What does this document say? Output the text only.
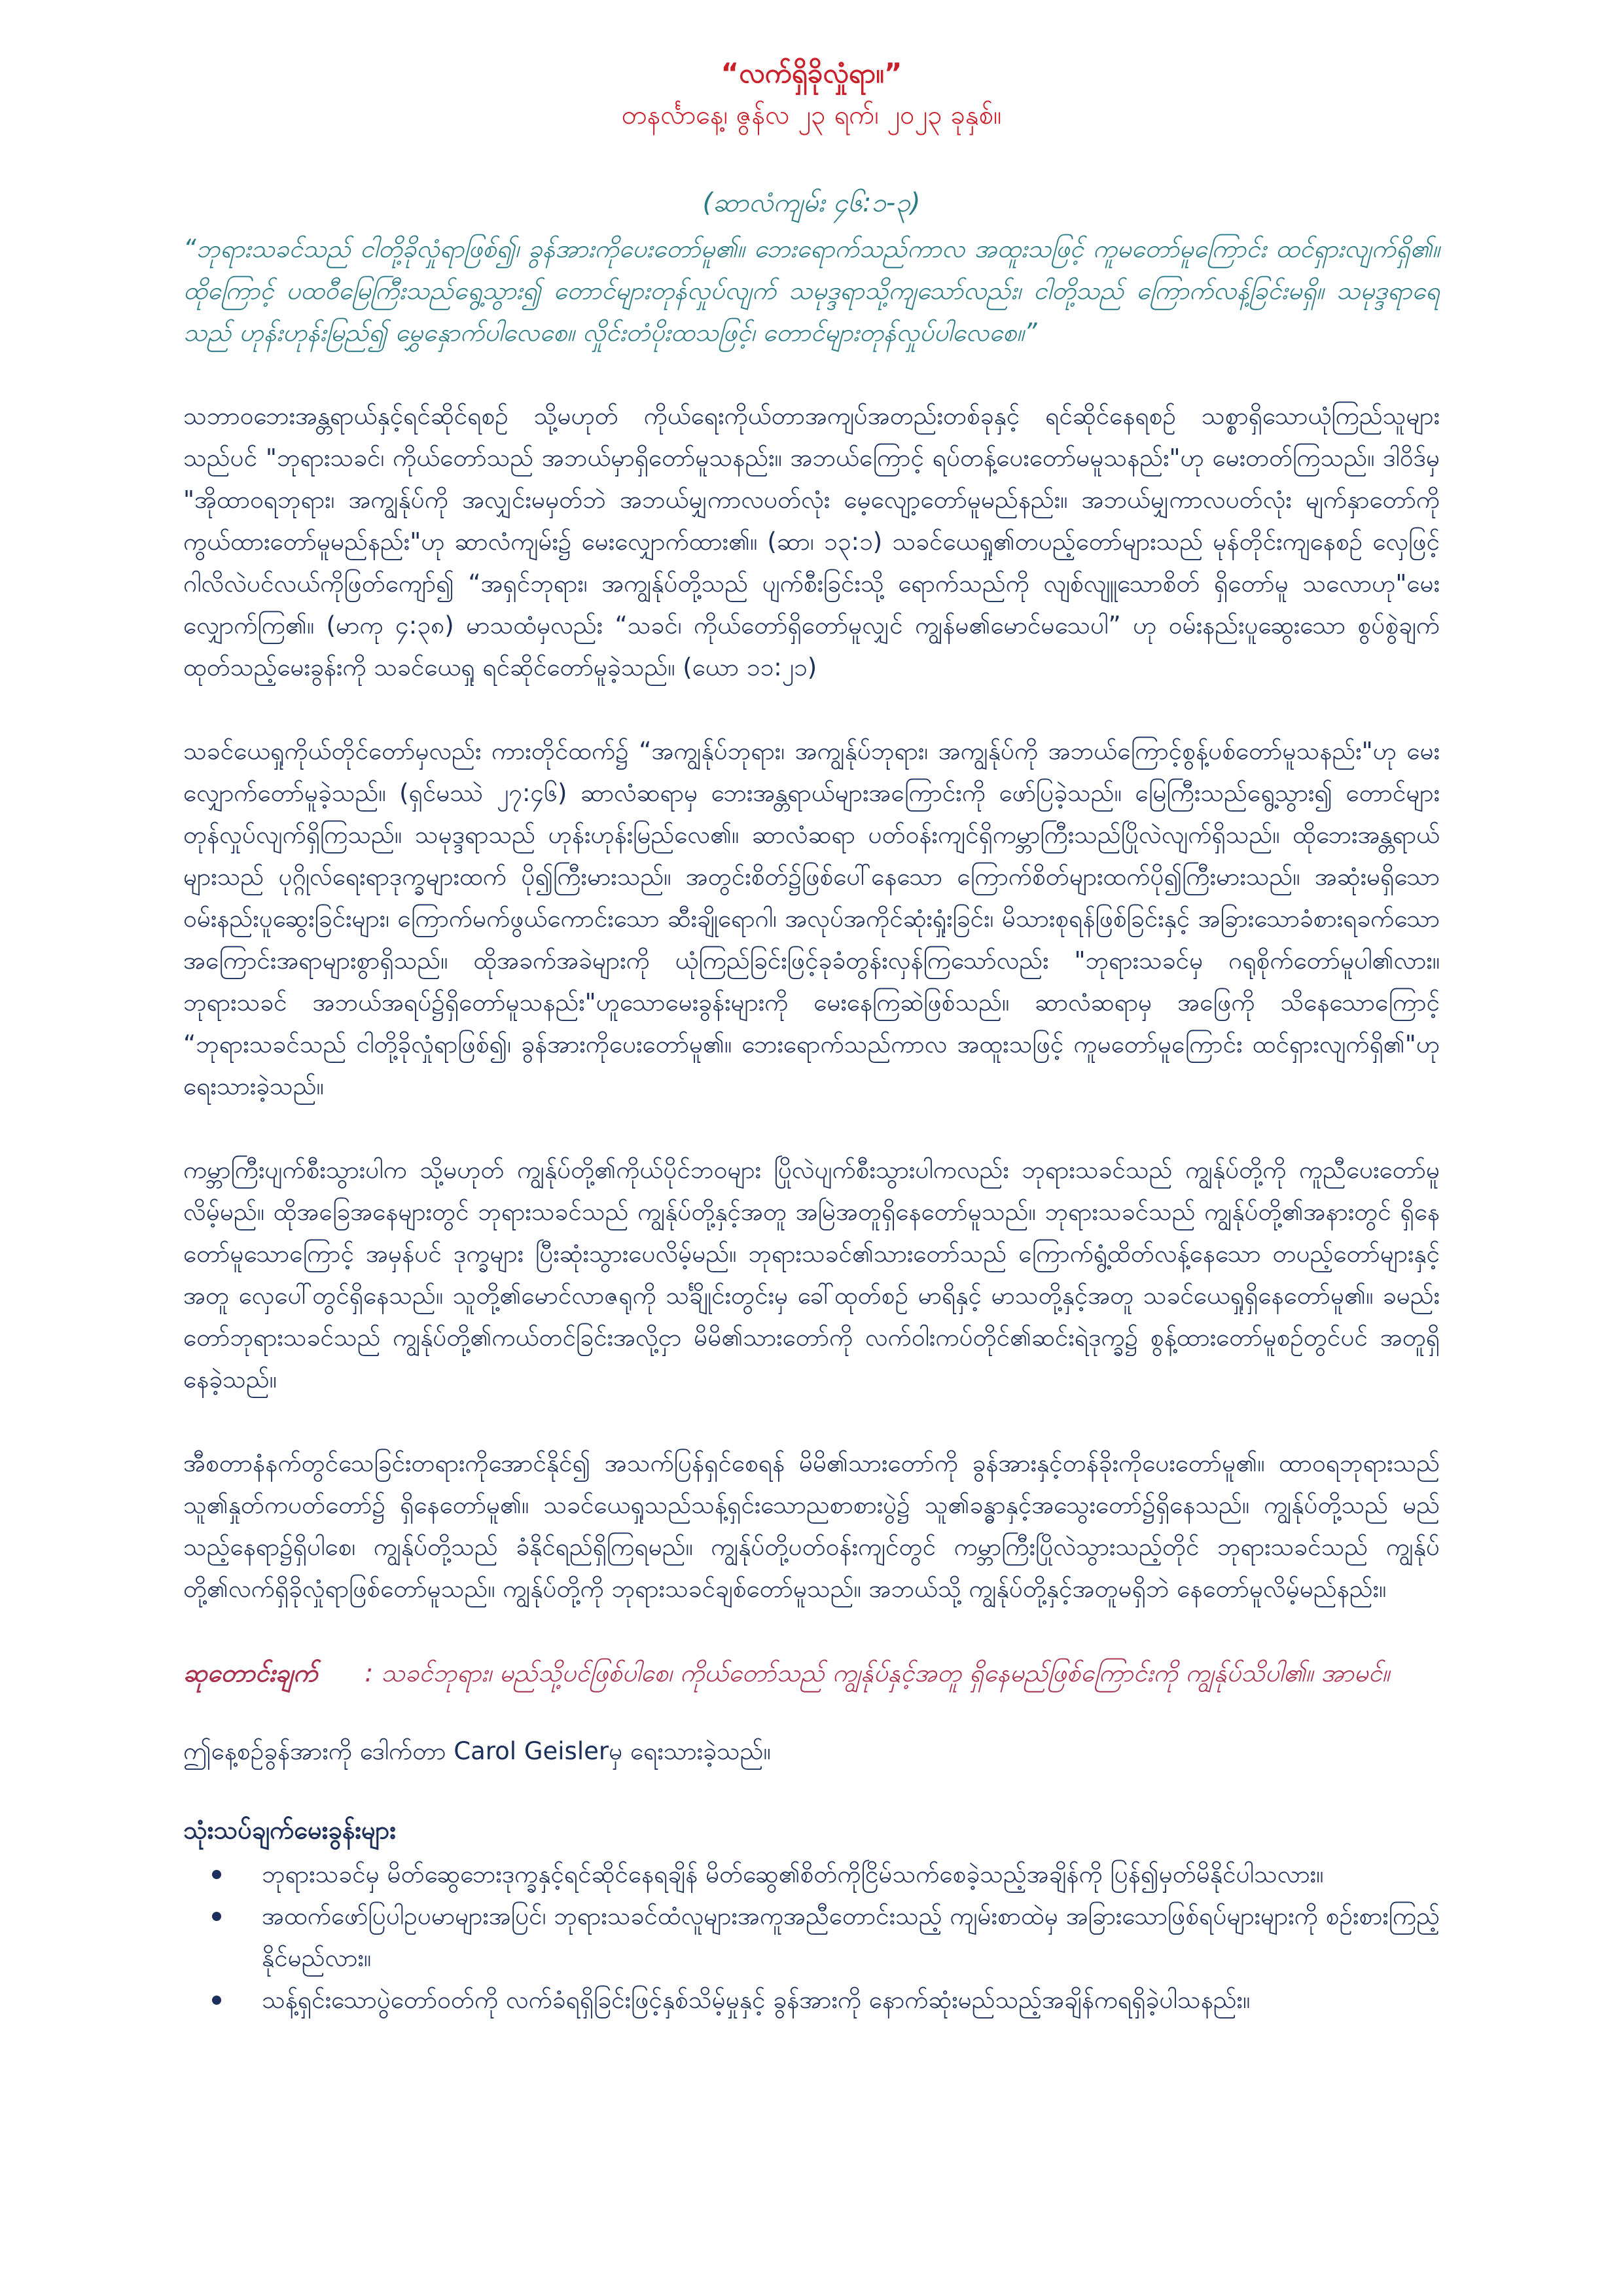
“လက်ရှိခိုလှုံရာ။”

တနင်္လာနေ့၊ ဇွန်လ ၂၃ ရက်၊ ၂၀၂၃ ခုနှစ်။

(ဆာလံကျမ်း ၄၆:၁-၃)

“ဘုရားသခင်သည် ငါတို့ခိုလှုံရာဖြစ်၍၊ ခွန်အားကိုပေးတော်မူ၏။ ဘေးရောက်သည်ကာလ အထူးသဖြင့် ကူမတော်မူကြောင်း ထင်ရှားလျက်ရှိ၏။ ထိုကြောင့် ပထဝီမြေကြီးသည်ရွေ့သွား၍ တောင်များတုန်လှုပ်လျက် သမုဒ္ဒရာသို့ကျသော်လည်း၊ ငါတို့သည် ကြောက်လန့်ခြင်းမရှိ။ သမုဒ္ဒရာရေသည် ဟုန်းဟုန်းမြည်၍ မွှေနှောက်ပါလေစေ။ လှိုင်းတံပိုးထသဖြင့်၊ တောင်များတုန်လှုပ်ပါလေစေ။”

သဘာဝဘေးအန္တရာယ်နှင့်ရင်ဆိုင်ရစဉ် သို့မဟုတ် ကိုယ်ရေးကိုယ်တာအကျပ်အတည်းတစ်ခုနှင့် ရင်ဆိုင်နေရစဉ် သစ္စာရှိသောယုံကြည်သူများသည်ပင် "ဘုရားသခင်၊ ကိုယ်တော်သည် အဘယ်မှာရှိတော်မူသနည်း။ အဘယ်ကြောင့် ရပ်တန့်ပေးတော်မမူသနည်း"ဟု မေးတတ်ကြသည်။ ဒါဝိဒ်မှ "အိုထာဝရဘုရား၊ အကျွန်ုပ်ကို အလျှင်းမမှတ်ဘဲ အဘယ်မျှကာလပတ်လုံး မေ့လျော့တော်မူမည်နည်း။ အဘယ်မျှကာလပတ်လုံး မျက်နှာတော်ကို ကွယ်ထားတော်မူမည်နည်း"ဟု ဆာလံကျမ်း၌ မေးလျှောက်ထား၏။ (ဆာ၊ ၁၃:၁) သခင်ယေရှု၏တပည့်တော်များသည် မုန်တိုင်းကျနေစဉ် လှေဖြင့် ဂါလိလဲပင်လယ်ကိုဖြတ်ကျော်၍ “အရှင်ဘုရား၊ အကျွန်ုပ်တို့သည် ပျက်စီးခြင်းသို့ ရောက်သည်ကို လျစ်လျူသောစိတ် ရှိတော်မူ သလောဟု"မေးလျှောက်ကြ၏။ (မာကု ၄:၃၈) မာသထံမှလည်း “သခင်၊ ကိုယ်တော်ရှိတော်မူလျှင် ကျွန်မ၏မောင်မသေပါ” ဟု ဝမ်းနည်းပူဆွေးသော စွပ်စွဲချက်ထုတ်သည့်မေးခွန်းကို သခင်ယေရှု ရင်ဆိုင်တော်မူခဲ့သည်။ (ယော ၁၁:၂၁)

သခင်ယေရှုကိုယ်တိုင်တော်မှလည်း ကားတိုင်ထက်၌ “အကျွန်ုပ်ဘုရား၊ အကျွန်ုပ်ဘုရား၊ အကျွန်ုပ်ကို အဘယ်ကြောင့်စွန့်ပစ်တော်မူသနည်း"ဟု မေးလျှောက်တော်မူခဲ့သည်။ (ရှင်မဿဲ ၂၇:၄၆) ဆာလံဆရာမှ ဘေးအန္တရာယ်များအကြောင်းကို ဖော်ပြခဲ့သည်။ မြေကြီးသည်ရွေ့သွား၍ တောင်များတုန်လှုပ်လျက်ရှိကြသည်။ သမုဒ္ဒရာသည် ဟုန်းဟုန်းမြည်လေ၏။ ဆာလံဆရာ ပတ်ဝန်းကျင်ရှိကမ္ဘာကြီးသည်ပြိုလဲလျက်ရှိသည်။ ထိုဘေးအန္တရာယ်များသည် ပုဂ္ဂိုလ်ရေးရာဒုက္ခများထက် ပို၍ကြီးမားသည်။ အတွင်းစိတ်၌ဖြစ်ပေါ်နေသော ကြောက်စိတ်များထက်ပို၍ကြီးမားသည်။ အဆုံးမရှိသော ဝမ်းနည်းပူဆွေးခြင်းများ၊ ကြောက်မက်ဖွယ်ကောင်းသော ဆီးချိုရောဂါ၊ အလုပ်အကိုင်ဆုံးရှုံးခြင်း၊ မိသားစုရန်ဖြစ်ခြင်းနှင့် အခြားသောခံစားရခက်သောအကြောင်းအရာများစွာရှိသည်။ ထိုအခက်အခဲများကို ယုံကြည်ခြင်းဖြင့်ခုခံတွန်းလှန်ကြသော်လည်း "ဘုရားသခင်မှ ဂရုစိုက်တော်မူပါ၏လား။ ဘုရားသခင် အဘယ်အရပ်၌ရှိတော်မူသနည်း"ဟူသောမေးခွန်းများကို မေးနေကြဆဲဖြစ်သည်။ ဆာလံဆရာမှ အဖြေကို သိနေသောကြောင့် “ဘုရားသခင်သည် ငါတို့ခိုလှုံရာဖြစ်၍၊ ခွန်အားကိုပေးတော်မူ၏။ ဘေးရောက်သည်ကာလ အထူးသဖြင့် ကူမတော်မူကြောင်း ထင်ရှားလျက်ရှိ၏"ဟုရေးသားခဲ့သည်။

ကမ္ဘာကြီးပျက်စီးသွားပါက သို့မဟုတ် ကျွန်ုပ်တို့၏ကိုယ်ပိုင်ဘဝများ ပြိုလဲပျက်စီးသွားပါကလည်း ဘုရားသခင်သည် ကျွန်ုပ်တို့ကို ကူညီပေးတော်မူလိမ့်မည်။ ထိုအခြေအနေများတွင် ဘုရားသခင်သည် ကျွန်ုပ်တို့နှင့်အတူ အမြဲအတူရှိနေတော်မူသည်။ ဘုရားသခင်သည် ကျွန်ုပ်တို့၏အနားတွင် ရှိနေတော်မူသောကြောင့် အမှန်ပင် ဒုက္ခများ ပြီးဆုံးသွားပေလိမ့်မည်။ ဘုရားသခင်၏သားတော်သည် ကြောက်ရွံ့ထိတ်လန့်နေသော တပည့်တော်များနှင့်အတူ လှေပေါ်တွင်ရှိနေသည်။ သူတို့၏မောင်လာဇရုကို သင်္ချိုင်းတွင်းမှ ခေါ်ထုတ်စဉ် မာရိနှင့် မာသတို့နှင့်အတူ သခင်ယေရှုရှိနေတော်မူ၏။ ခမည်းတော်ဘုရားသခင်သည် ကျွန်ုပ်တို့၏ကယ်တင်ခြင်းအလို့ငှာ မိမိ၏သားတော်ကို လက်ဝါးကပ်တိုင်၏ဆင်းရဲဒုက္ခ၌ စွန့်ထားတော်မူစဉ်တွင်ပင် အတူရှိနေခဲ့သည်။

အီစတာနံနက်တွင်သေခြင်းတရားကိုအောင်နိုင်၍ အသက်ပြန်ရှင်စေရန် မိမိ၏သားတော်ကို ခွန်အားနှင့်တန်ခိုးကိုပေးတော်မူ၏။ ထာဝရဘုရားသည် သူ၏နှုတ်ကပတ်တော်၌ ရှိနေတော်မူ၏။ သခင်ယေရှုသည်သန့်ရှင်းသောညစာစားပွဲ၌ သူ၏ခန္ဓာနှင့်အသွေးတော်၌ရှိနေသည်။ ကျွန်ုပ်တို့သည် မည်သည့်နေရာ၌ရှိပါစေ၊ ကျွန်ုပ်တို့သည် ခံနိုင်ရည်ရှိကြရမည်။ ကျွန်ုပ်တို့ပတ်ဝန်းကျင်တွင် ကမ္ဘာကြီးပြိုလဲသွားသည့်တိုင် ဘုရားသခင်သည် ကျွန်ုပ်တို့၏လက်ရှိခိုလှုံရာဖြစ်တော်မူသည်။ ကျွန်ုပ်တို့ကို ဘုရားသခင်ချစ်တော်မူသည်။ အဘယ်သို့ ကျွန်ုပ်တို့နှင့်အတူမရှိဘဲ နေတော်မူလိမ့်မည်နည်း။

ဆုတောင်းချက် : သခင်ဘုရား၊ မည်သို့ပင်ဖြစ်ပါစေ၊ ကိုယ်တော်သည် ကျွန်ုပ်နှင့်အတူ ရှိနေမည်ဖြစ်ကြောင်းကို ကျွန်ုပ်သိပါ၏။ အာမင်။

ဤနေ့စဉ်ခွန်အားကို ဒေါက်တာ Carol Geislerမှ ရေးသားခဲ့သည်။

သုံးသပ်ချက်မေးခွန်းများ

ဘုရားသခင်မှ မိတ်ဆွေဘေးဒုက္ခနှင့်ရင်ဆိုင်နေရချိန် မိတ်ဆွေ၏စိတ်ကိုငြိမ်သက်စေခဲ့သည့်အချိန်ကို ပြန်၍မှတ်မိနိုင်ပါသလား။
အထက်ဖော်ပြပါဥပမာများအပြင်၊ ဘုရားသခင်ထံလူများအကူအညီတောင်းသည့် ကျမ်းစာထဲမှ အခြားသောဖြစ်ရပ်များများကို စဉ်းစားကြည့်နိုင်မည်လား။
သန့်ရှင်းသောပွဲတော်ဝတ်ကို လက်ခံရရှိခြင်းဖြင့်နှစ်သိမ့်မှုနှင့် ခွန်အားကို နောက်ဆုံးမည်သည့်အချိန်ကရရှိခဲ့ပါသနည်း။
